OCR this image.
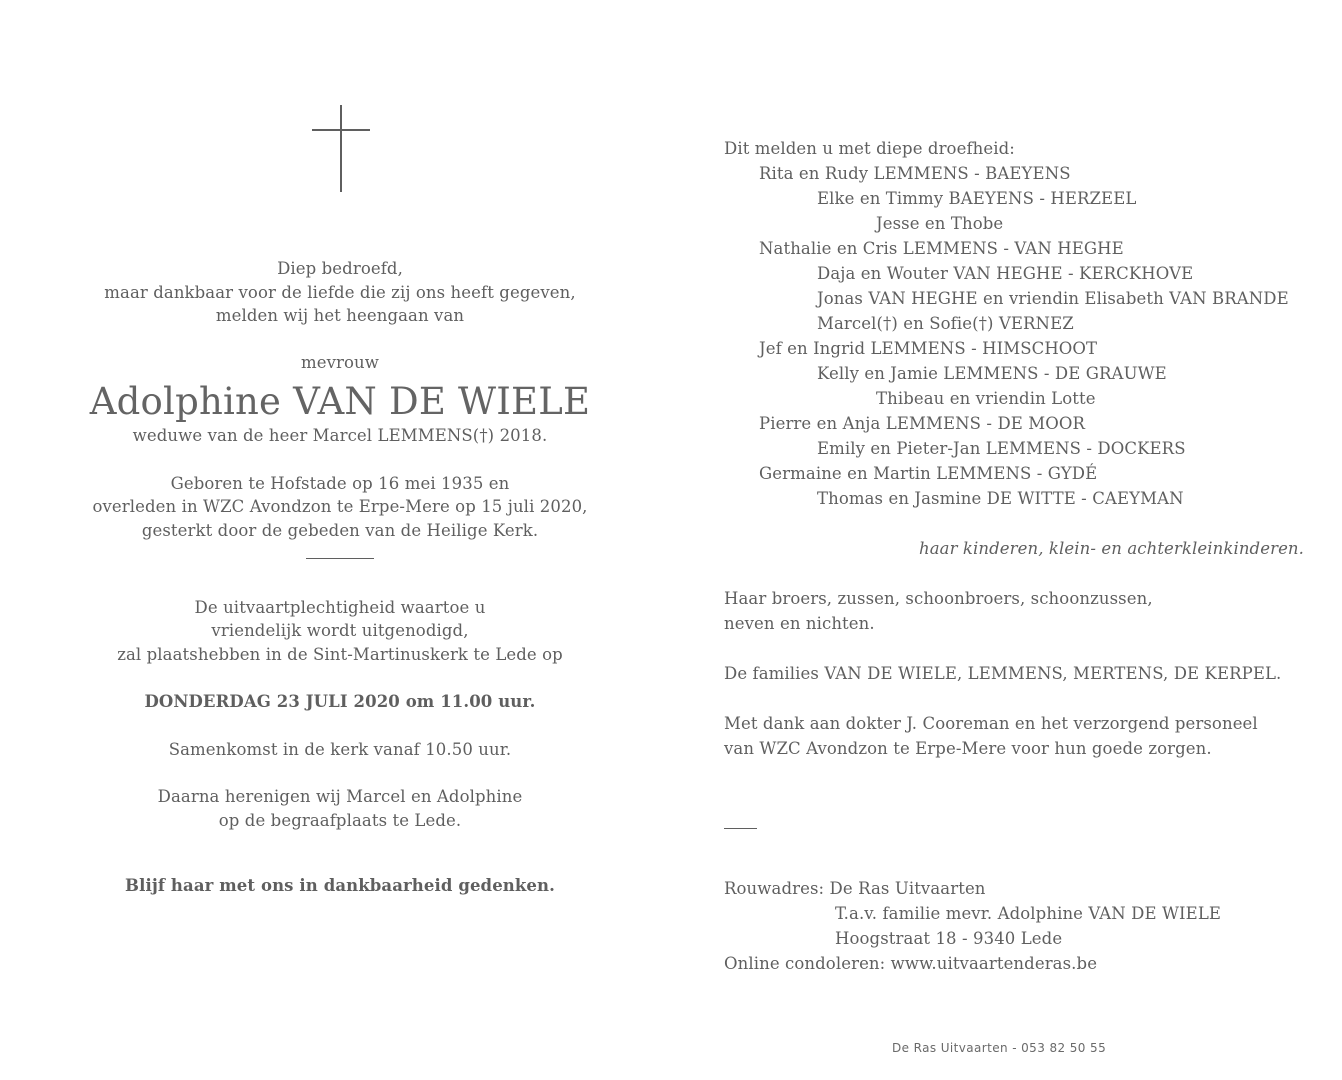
Diep bedroefd,

maar dankbaar voor de liefde die zij ons heeft gegeven,

melden wij het heengaan van

mevrouw

Adolphine VAN DE WIELE

weduwe van de heer Marcel LEMMENS(†) 2018.

Geboren te Hofstade op 16 mei 1935 en

overleden in WZC Avondzon te Erpe-Mere op 15 juli 2020,

gesterkt door de gebeden van de Heilige Kerk.

De uitvaartplechtigheid waartoe u

vriendelijk wordt uitgenodigd,

zal plaatshebben in de Sint-Martinuskerk te Lede op

DONDERDAG 23 JULI 2020 om 11.00 uur.

Samenkomst in de kerk vanaf 10.50 uur.

Daarna herenigen wij Marcel en Adolphine

op de begraafplaats te Lede.

Blijf haar met ons in dankbaarheid gedenken.

Dit melden u met diepe droefheid:

Rita en Rudy LEMMENS - BAEYENS

Elke en Timmy BAEYENS - HERZEEL

Jesse en Thobe

Nathalie en Cris LEMMENS - VAN HEGHE

Daja en Wouter VAN HEGHE - KERCKHOVE

Jonas VAN HEGHE en vriendin Elisabeth VAN BRANDE

Marcel(†) en Sofie(†) VERNEZ

Jef en Ingrid LEMMENS - HIMSCHOOT

Kelly en Jamie LEMMENS - DE GRAUWE

Thibeau en vriendin Lotte

Pierre en Anja LEMMENS - DE MOOR

Emily en Pieter-Jan LEMMENS - DOCKERS

Germaine en Martin LEMMENS - GYDÉ

Thomas en Jasmine DE WITTE - CAEYMAN

haar kinderen, klein- en achterkleinkinderen.

Haar broers, zussen, schoonbroers, schoonzussen,

neven en nichten.

De families VAN DE WIELE, LEMMENS, MERTENS, DE KERPEL.

Met dank aan dokter J. Cooreman en het verzorgend personeel

van WZC Avondzon te Erpe-Mere voor hun goede zorgen.

Rouwadres: De Ras Uitvaarten

T.a.v. familie mevr. Adolphine VAN DE WIELE

Hoogstraat 18 - 9340 Lede

Online condoleren: www.uitvaartenderas.be

De Ras Uitvaarten - 053 82 50 55
